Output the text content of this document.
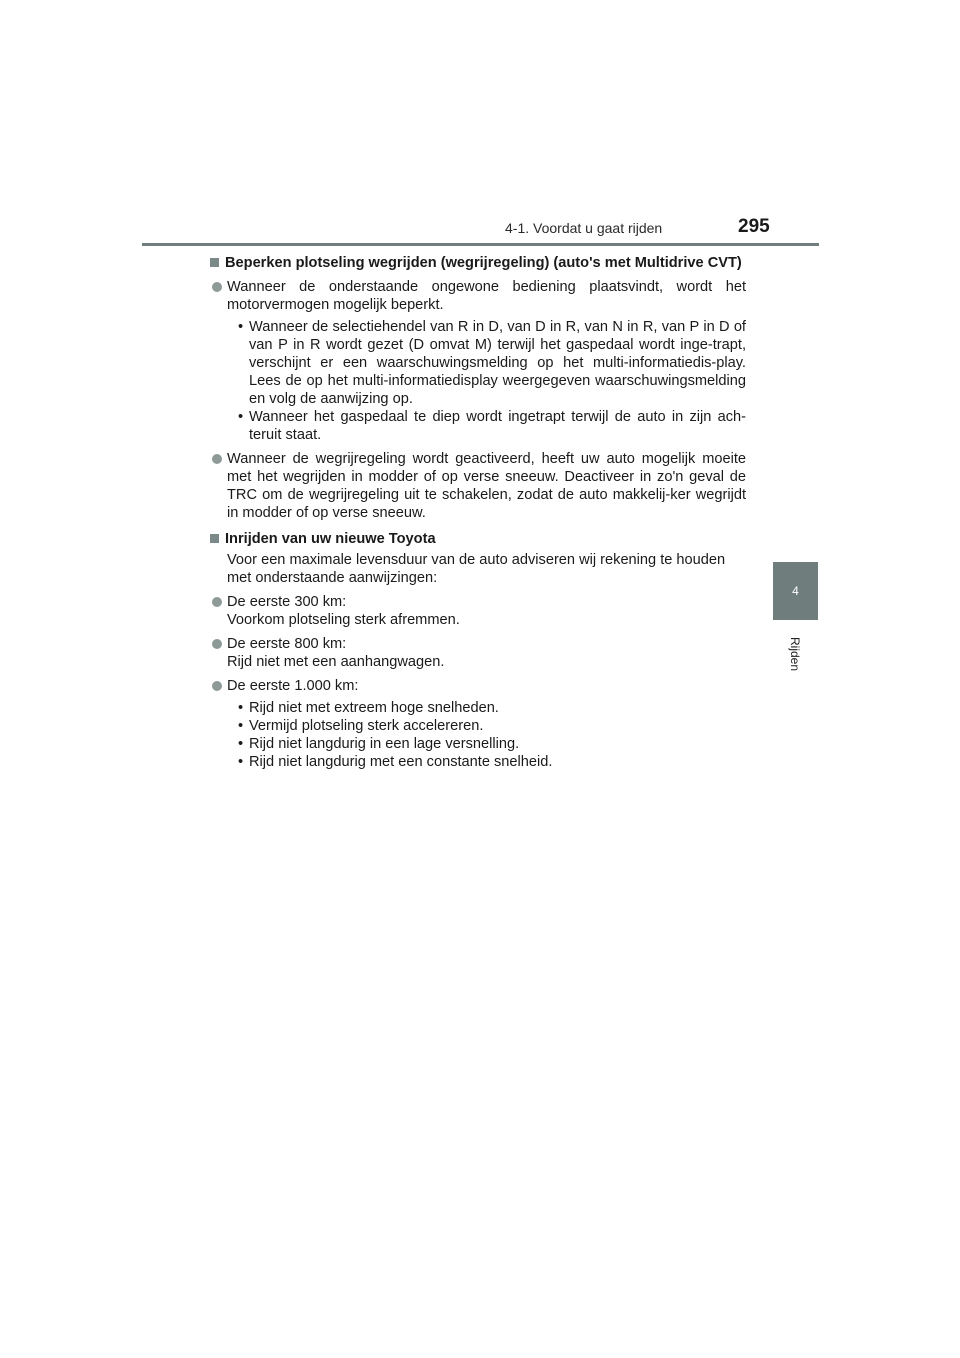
4-1. Voordat u gaat rijden	295
4
Rijden
Beperken plotseling wegrijden (wegrijregeling) (auto's met Multidrive CVT)
Wanneer de onderstaande ongewone bediening plaatsvindt, wordt het motorvermogen mogelijk beperkt.
• Wanneer de selectiehendel van R in D, van D in R, van N in R, van P in D of van P in R wordt gezet (D omvat M) terwijl het gaspedaal wordt inge-trapt, verschijnt er een waarschuwingsmelding op het multi-informatiedis-play. Lees de op het multi-informatiedisplay weergegeven waarschuwingsmelding en volg de aanwijzing op.
• Wanneer het gaspedaal te diep wordt ingetrapt terwijl de auto in zijn ach-teruit staat.
Wanneer de wegrijregeling wordt geactiveerd, heeft uw auto mogelijk moeite met het wegrijden in modder of op verse sneeuw. Deactiveer in zo'n geval de TRC om de wegrijregeling uit te schakelen, zodat de auto makkelij-ker wegrijdt in modder of op verse sneeuw.
Inrijden van uw nieuwe Toyota
Voor een maximale levensduur van de auto adviseren wij rekening te houden met onderstaande aanwijzingen:
De eerste 300 km:
Voorkom plotseling sterk afremmen.
De eerste 800 km:
Rijd niet met een aanhangwagen.
De eerste 1.000 km:
• Rijd niet met extreem hoge snelheden.
• Vermijd plotseling sterk accelereren.
• Rijd niet langdurig in een lage versnelling.
• Rijd niet langdurig met een constante snelheid.
